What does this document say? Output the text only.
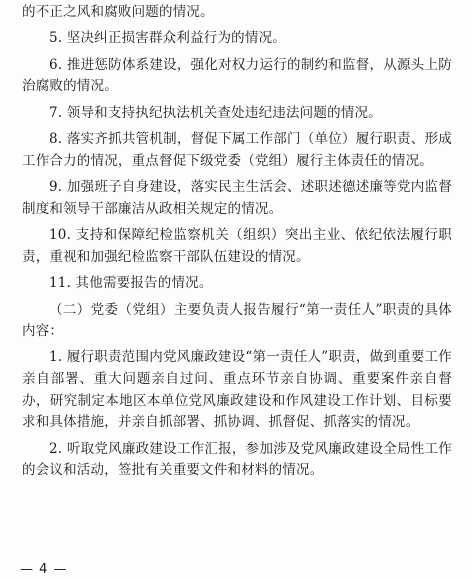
的不正之风和腐败问题的情况。

5. 坚决纠正损害群众利益行为的情况。

6. 推进惩防体系建设，强化对权力运行的制约和监督，从源头上防治腐败的情况。

7. 领导和支持执纪执法机关查处违纪违法问题的情况。

8. 落实齐抓共管机制，督促下属工作部门（单位）履行职责、形成工作合力的情况，重点督促下级党委（党组）履行主体责任的情况。

9. 加强班子自身建设，落实民主生活会、述职述德述廉等党内监督制度和领导干部廉洁从政相关规定的情况。

10. 支持和保障纪检监察机关（组织）突出主业、依纪依法履行职责，重视和加强纪检监察干部队伍建设的情况。

11. 其他需要报告的情况。

（二）党委（党组）主要负责人报告履行“第一责任人”职责的具体内容：

1. 履行职责范围内党风廉政建设“第一责任人”职责，做到重要工作亲自部署、重大问题亲自过问、重点环节亲自协调、重要案件亲自督办，研究制定本地区本单位党风廉政建设和作风建设工作计划、目标要求和具体措施，并亲自抓部署、抓协调、抓督促、抓落实的情况。

2. 听取党风廉政建设工作汇报，参加涉及党风廉政建设全局性工作的会议和活动，签批有关重要文件和材料的情况。

— 4 —
